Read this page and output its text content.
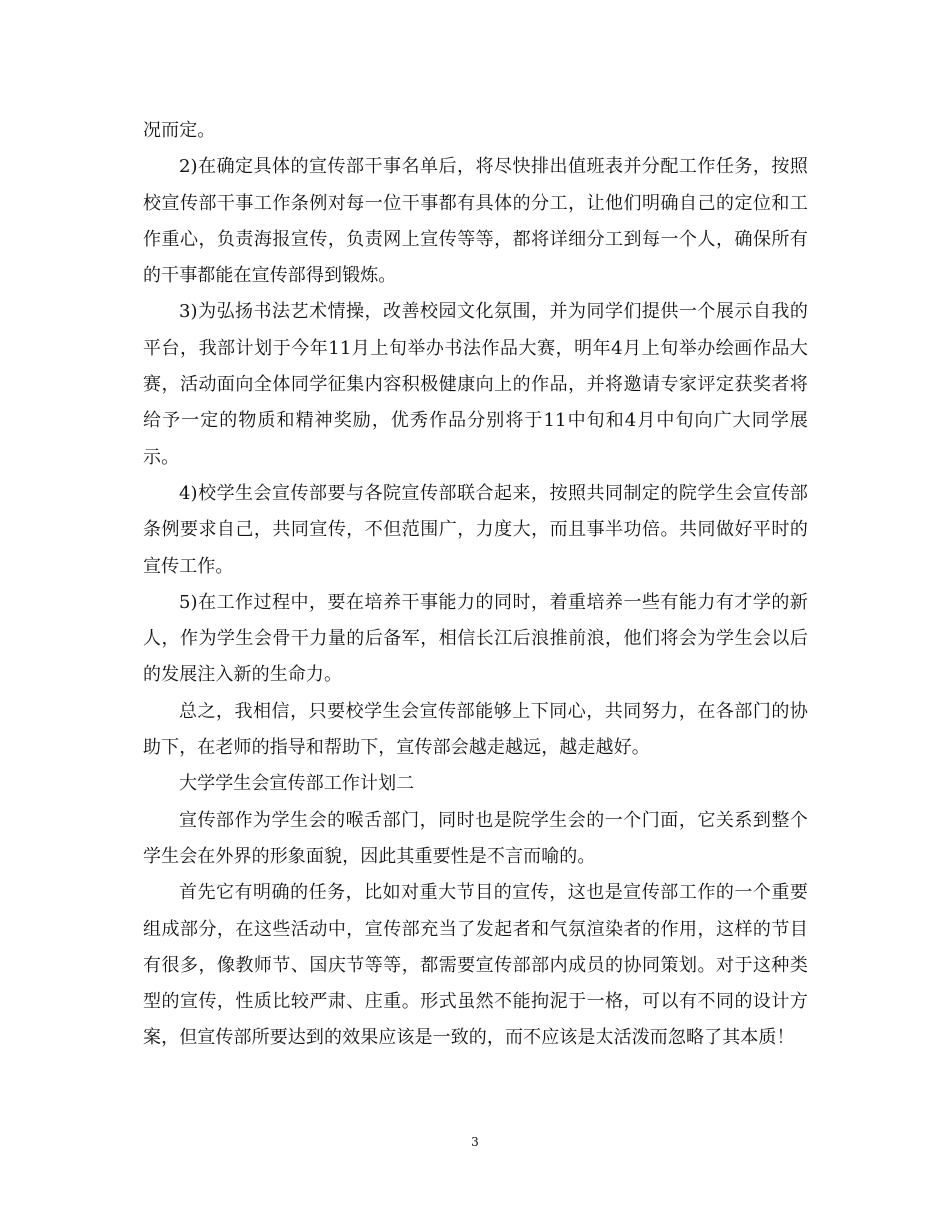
况而定。

2)在确定具体的宣传部干事名单后，将尽快排出值班表并分配工作任务，按照校宣传部干事工作条例对每一位干事都有具体的分工，让他们明确自己的定位和工作重心，负责海报宣传，负责网上宣传等等，都将详细分工到每一个人，确保所有的干事都能在宣传部得到锻炼。

3)为弘扬书法艺术情操，改善校园文化氛围，并为同学们提供一个展示自我的平台，我部计划于今年11月上旬举办书法作品大赛，明年4月上旬举办绘画作品大赛，活动面向全体同学征集内容积极健康向上的作品，并将邀请专家评定获奖者将给予一定的物质和精神奖励，优秀作品分别将于11中旬和4月中旬向广大同学展示。

4)校学生会宣传部要与各院宣传部联合起来，按照共同制定的院学生会宣传部条例要求自己，共同宣传，不但范围广，力度大，而且事半功倍。共同做好平时的宣传工作。

5)在工作过程中，要在培养干事能力的同时，着重培养一些有能力有才学的新人，作为学生会骨干力量的后备军，相信长江后浪推前浪，他们将会为学生会以后的发展注入新的生命力。

总之，我相信，只要校学生会宣传部能够上下同心，共同努力，在各部门的协助下，在老师的指导和帮助下，宣传部会越走越远，越走越好。

大学学生会宣传部工作计划二

宣传部作为学生会的喉舌部门，同时也是院学生会的一个门面，它关系到整个学生会在外界的形象面貌，因此其重要性是不言而喻的。

首先它有明确的任务，比如对重大节目的宣传，这也是宣传部工作的一个重要组成部分，在这些活动中，宣传部充当了发起者和气氛渲染者的作用，这样的节目有很多，像教师节、国庆节等等，都需要宣传部部内成员的协同策划。对于这种类型的宣传，性质比较严肃、庄重。形式虽然不能拘泥于一格，可以有不同的设计方案，但宣传部所要达到的效果应该是一致的，而不应该是太活泼而忽略了其本质！

3
